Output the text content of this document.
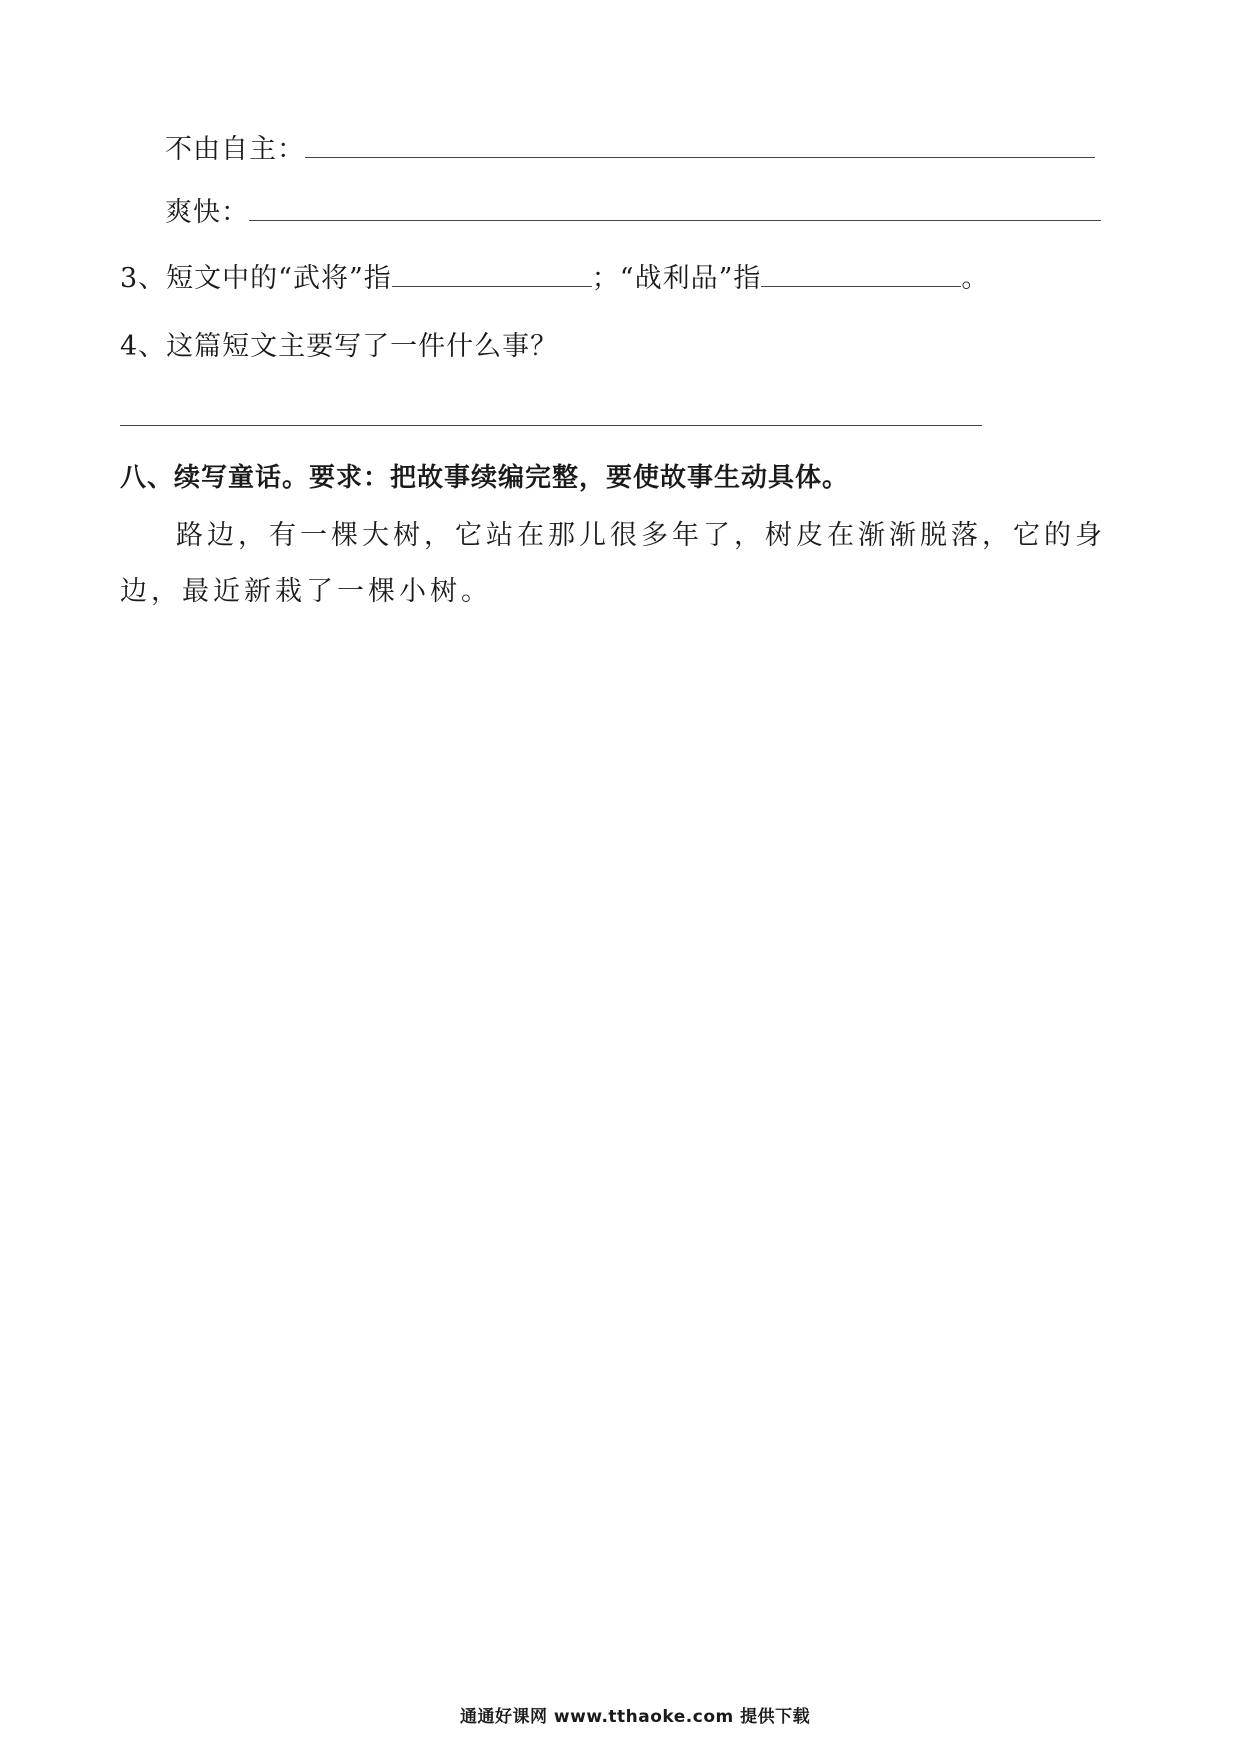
不由自主：
爽快：
3、短文中的“武将”指	；“战利品”指	。
4、这篇短文主要写了一件什么事？
八、续写童话。要求：把故事续编完整，要使故事生动具体。
路边，有一棵大树，它站在那儿很多年了，树皮在渐渐脱落，它的身边，最近新栽了一棵小树。
通通好课网 www.tthaoke.com 提供下载
